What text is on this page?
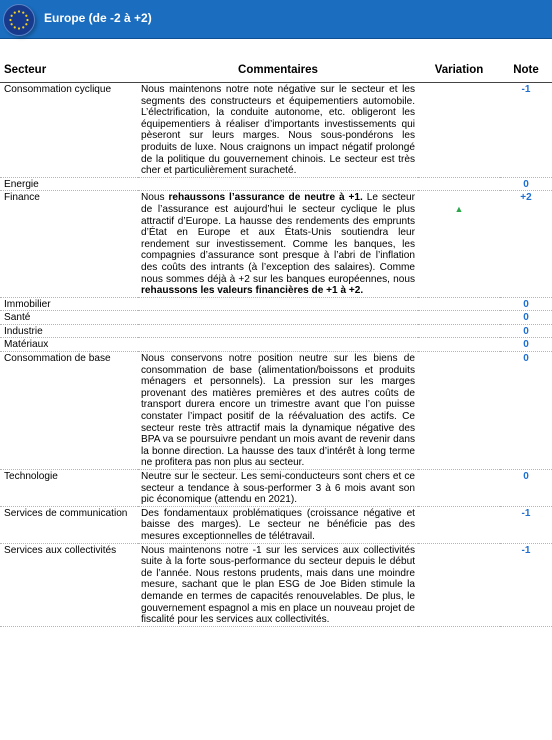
Europe (de -2 à +2)
Secteur	Commentaires	Variation	Note
Consommation cyclique	Nous maintenons notre note négative sur le secteur et les segments des constructeurs et équipementiers automobile. L’électrification, la conduite autonome, etc. obligeront les équipementiers à réaliser d’importants investissements qui pèseront sur leurs marges. Nous sous-pondérons les produits de luxe. Nous craignons un impact négatif prolongé de la politique du gouvernement chinois. Le secteur est très cher et particulièrement suracheté.		-1
Energie			0
Finance	Nous rehaussons l’assurance de neutre à +1. Le secteur de l’assurance est aujourd’hui le secteur cyclique le plus attractif d’Europe. La hausse des rendements des emprunts d’État en Europe et aux États-Unis soutiendra leur rendement sur investissement. Comme les banques, les compagnies d’assurance sont presque à l’abri de l’inflation des coûts des intrants (à l’exception des salaires). Comme nous sommes déjà à +2 sur les banques européennes, nous rehaussons les valeurs financières de +1 à +2.	▲	+2
Immobilier			0
Santé			0
Industrie			0
Matériaux			0
Consommation de base	Nous conservons notre position neutre sur les biens de consommation de base (alimentation/boissons et produits ménagers et personnels). La pression sur les marges provenant des matières premières et des autres coûts de transport durera encore un trimestre avant que l’on puisse constater l’impact positif de la réévaluation des actifs. Ce secteur reste très attractif mais la dynamique négative des BPA va se poursuivre pendant un mois avant de revenir dans la bonne direction. La hausse des taux d’intérêt à long terme ne profitera pas non plus au secteur.		0
Technologie	Neutre sur le secteur. Les semi-conducteurs sont chers et ce secteur a tendance à sous-performer 3 à 6 mois avant son pic économique (attendu en 2021).		0
Services de communication	Des fondamentaux problématiques (croissance négative et baisse des marges). Le secteur ne bénéficie pas des mesures exceptionnelles de télétravail.		-1
Services aux collectivités	Nous maintenons notre -1 sur les services aux collectivités suite à la forte sous-performance du secteur depuis le début de l’année. Nous restons prudents, mais dans une moindre mesure, sachant que le plan ESG de Joe Biden stimule la demande en termes de capacités renouvelables. De plus, le gouvernement espagnol a mis en place un nouveau projet de fiscalité pour les services aux collectivités.		-1
